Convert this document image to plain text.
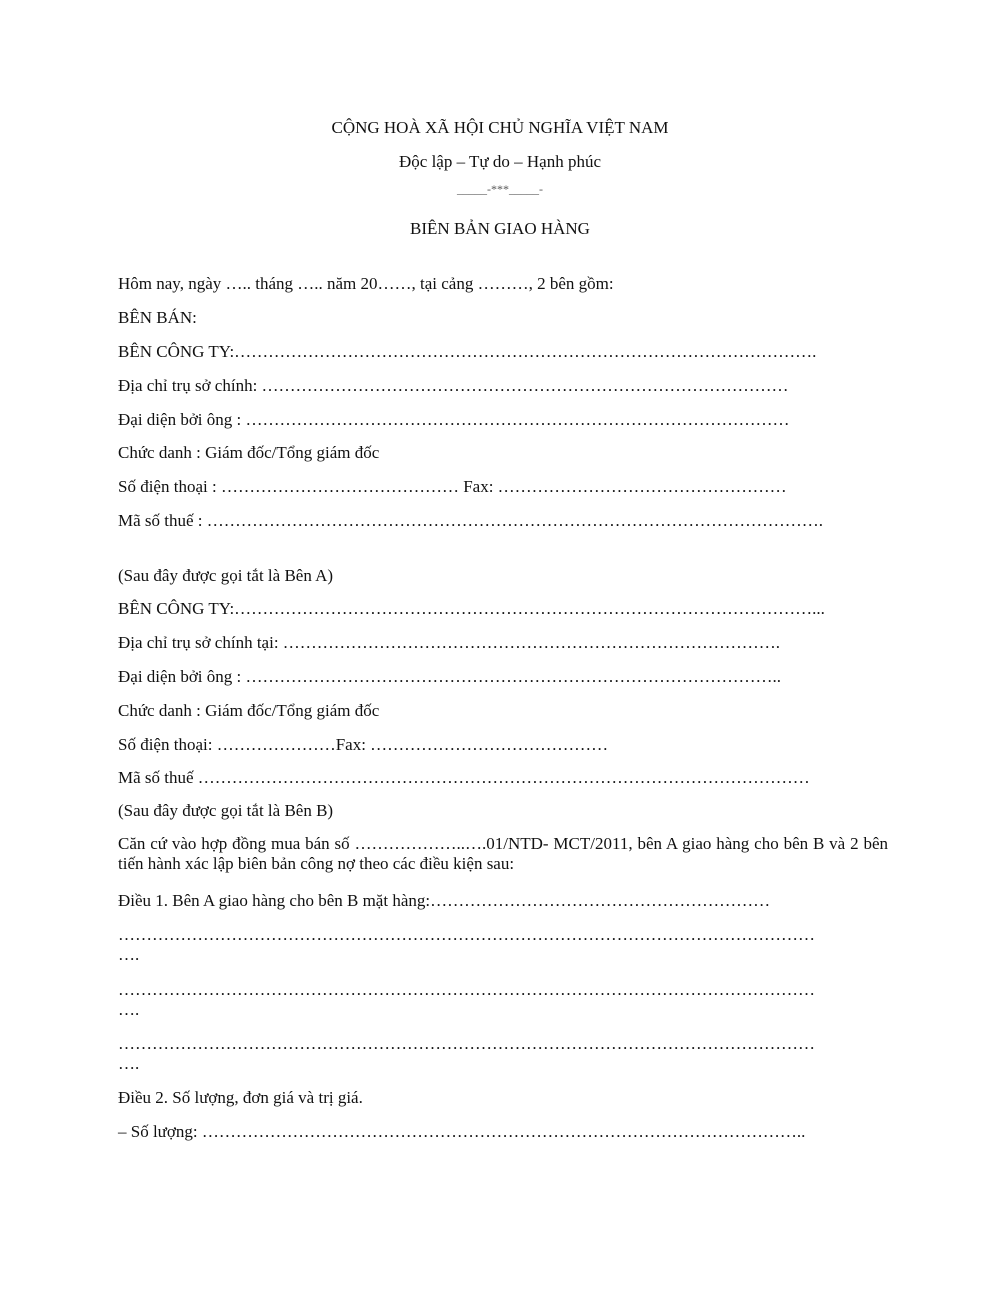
CỘNG HOÀ XÃ HỘI CHỦ NGHĨA VIỆT NAM
Độc lập – Tự do – Hạnh phúc
_____-***_____-
BIÊN BẢN GIAO HÀNG
Hôm nay, ngày ….. tháng ….. năm 20……, tại cảng ………, 2 bên gồm:
BÊN BÁN:
BÊN CÔNG TY:………………………………………………………………………………………….
Địa chỉ trụ sở chính: …………………………………………………………………………………
Đại diện bởi ông : ……………………………………………………………………………………
Chức danh : Giám đốc/Tổng giám đốc
Số điện thoại : …………………………………… Fax: ……………………………………………
Mã số thuế : ……………………………………………………………………………………………….
(Sau đây được gọi tắt là Bên A)
BÊN CÔNG TY:…………………………………………………………………………………………...
Địa chỉ trụ sở chính tại: …………………………………………………………………………….
Đại diện bởi ông : …………………………………………………………………………………..
Chức danh : Giám đốc/Tổng giám đốc
Số điện thoại: …………………Fax: ……………………………………
Mã số thuế ………………………………………………………………………………………………
(Sau đây được gọi tắt là Bên B)
Căn cứ vào hợp đồng mua bán số ………………..….01/NTD- MCT/2011, bên A giao hàng cho bên B và 2 bên tiến hành xác lập biên bản công nợ theo các điều kiện sau:
Điều 1. Bên A giao hàng cho bên B mặt hàng:……………………………………………………
……………………………………………………………………………………………………………
….
……………………………………………………………………………………………………………
….
……………………………………………………………………………………………………………
….
Điều 2. Số lượng, đơn giá và trị giá.
– Số lượng: ……………………………………………………………………………………………..
